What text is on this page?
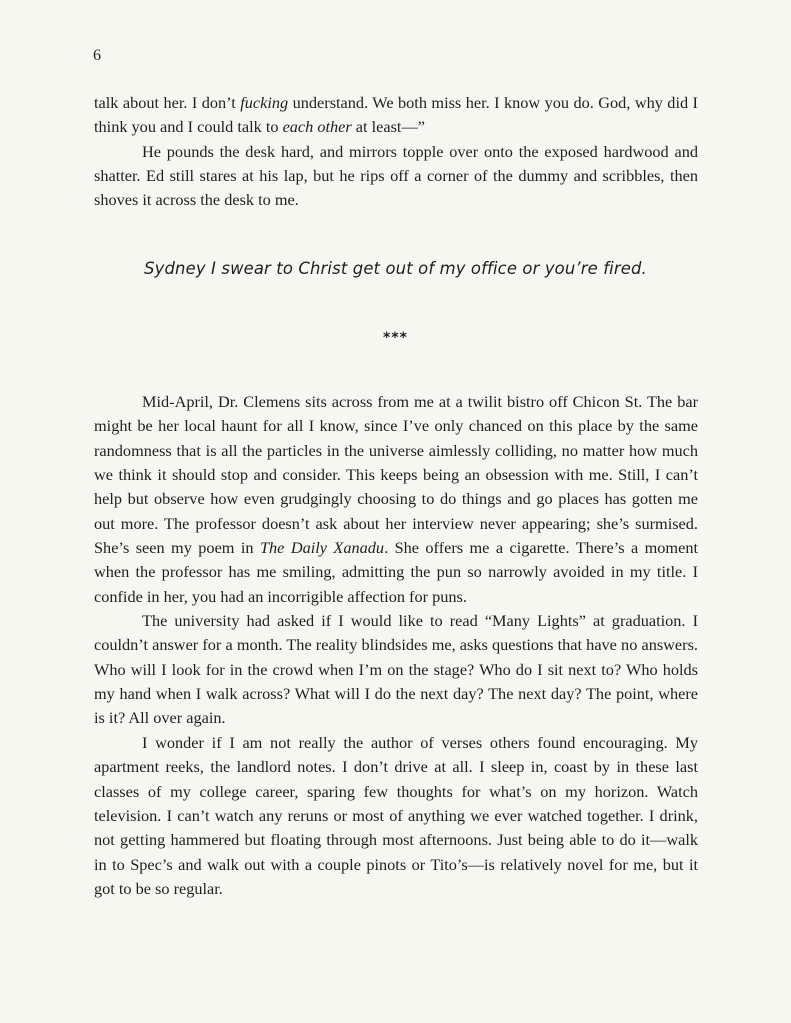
6

talk about her. I don’t fucking understand. We both miss her. I know you do. God, why did I think you and I could talk to each other at least—”

He pounds the desk hard, and mirrors topple over onto the exposed hardwood and shatter. Ed still stares at his lap, but he rips off a corner of the dummy and scribbles, then shoves it across the desk to me.

Sydney I swear to Christ get out of my office or you’re fired.
***

Mid-April, Dr. Clemens sits across from me at a twilit bistro off Chicon St. The bar might be her local haunt for all I know, since I’ve only chanced on this place by the same randomness that is all the particles in the universe aimlessly colliding, no matter how much we think it should stop and consider. This keeps being an obsession with me. Still, I can’t help but observe how even grudgingly choosing to do things and go places has gotten me out more. The professor doesn’t ask about her interview never appearing; she’s surmised. She’s seen my poem in The Daily Xanadu. She offers me a cigarette. There’s a moment when the professor has me smiling, admitting the pun so narrowly avoided in my title. I confide in her, you had an incorrigible affection for puns.

The university had asked if I would like to read “Many Lights” at graduation. I couldn’t answer for a month. The reality blindsides me, asks questions that have no answers. Who will I look for in the crowd when I’m on the stage? Who do I sit next to? Who holds my hand when I walk across? What will I do the next day? The next day? The point, where is it? All over again.

I wonder if I am not really the author of verses others found encouraging. My apartment reeks, the landlord notes. I don’t drive at all. I sleep in, coast by in these last classes of my college career, sparing few thoughts for what’s on my horizon. Watch television. I can’t watch any reruns or most of anything we ever watched together. I drink, not getting hammered but floating through most afternoons. Just being able to do it—walk in to Spec’s and walk out with a couple pinots or Tito’s—is relatively novel for me, but it got to be so regular.
